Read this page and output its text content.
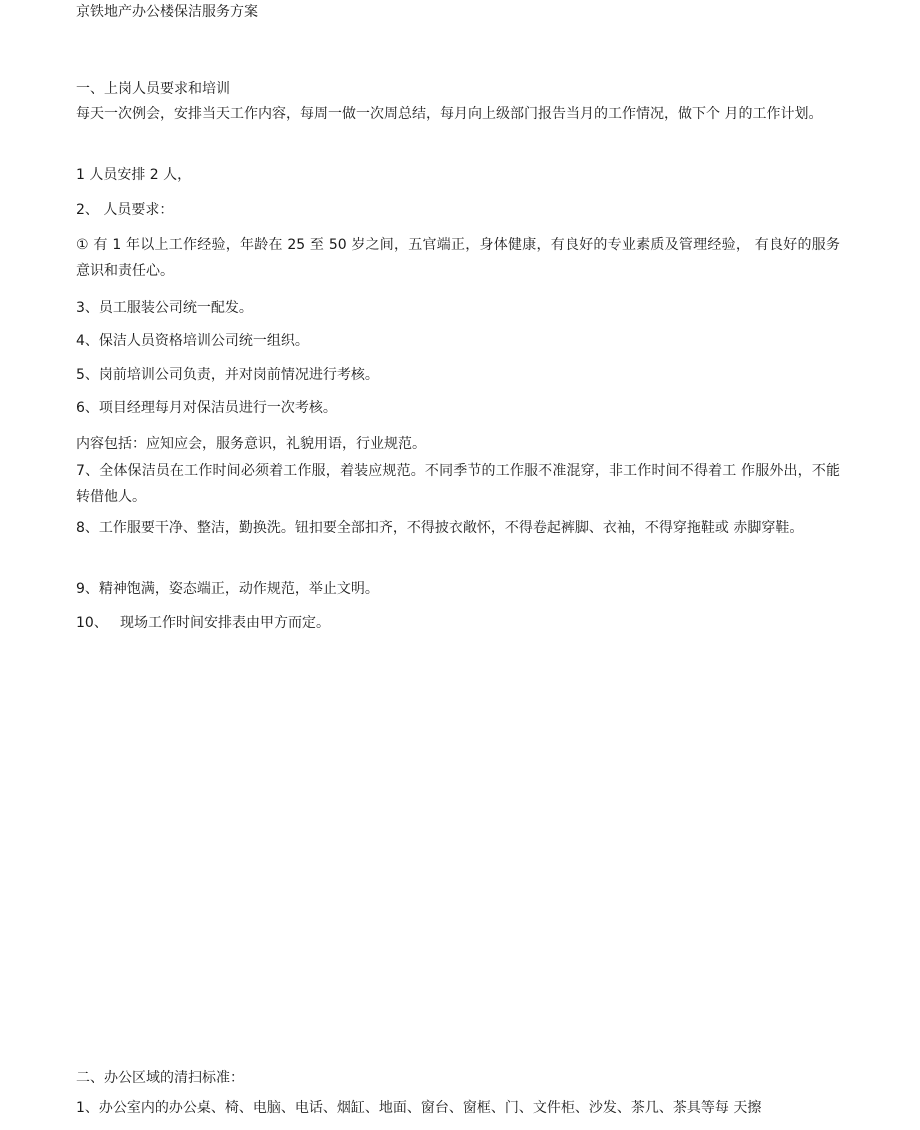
京铁地产办公楼保洁服务方案
一、上岗人员要求和培训
每天一次例会，安排当天工作内容，每周一做一次周总结，每月向上级部门报告当月的工作情况，做下个 月的工作计划。
1 人员安排 2 人，
2、 人员要求：
① 有 1 年以上工作经验，年龄在 25 至 50 岁之间，五官端正，身体健康，有良好的专业素质及管理经验， 有良好的服务意识和责任心。
3、员工服装公司统一配发。
4、保洁人员资格培训公司统一组织。
5、岗前培训公司负责，并对岗前情况进行考核。
6、项目经理每月对保洁员进行一次考核。
内容包括：应知应会，服务意识，礼貌用语，行业规范。
7、全体保洁员在工作时间必须着工作服，着装应规范。不同季节的工作服不准混穿，非工作时间不得着工 作服外出，不能转借他人。
8、工作服要干净、整洁，勤换洗。钮扣要全部扣齐，不得披衣敞怀，不得卷起裤脚、衣袖，不得穿拖鞋或 赤脚穿鞋。
9、精神饱满，姿态端正，动作规范，举止文明。
10、 现场工作时间安排表由甲方而定。
二、办公区域的清扫标准：
1、办公室内的办公桌、椅、电脑、电话、烟缸、地面、窗台、窗框、门、文件柜、沙发、茶几、茶具等每 天擦
